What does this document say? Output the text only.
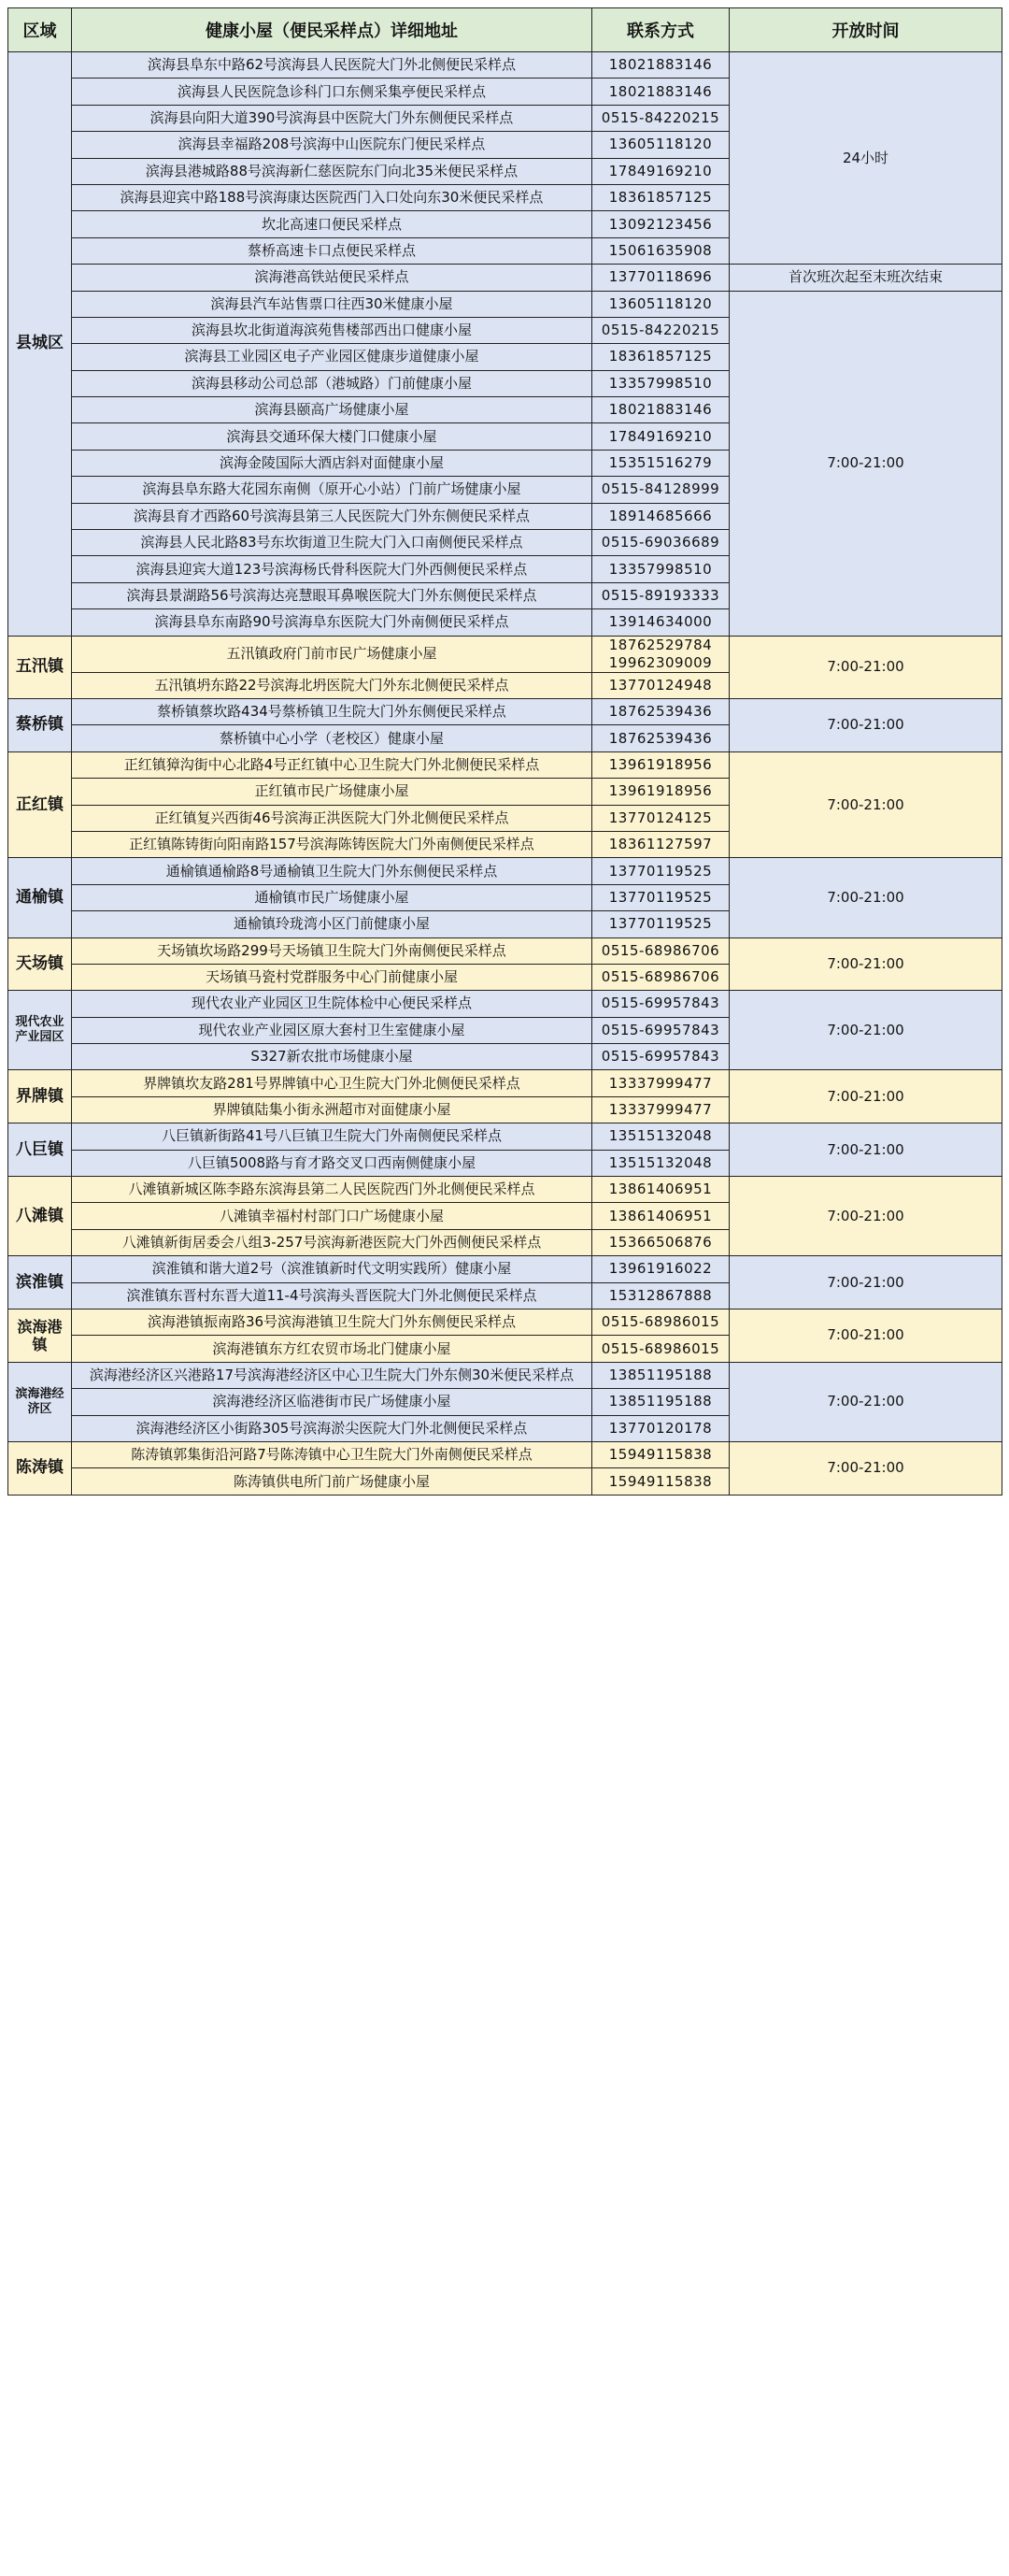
区域	健康小屋（便民采样点）详细地址	联系方式	开放时间
县城区	滨海县阜东中路62号滨海县人民医院大门外北侧便民采样点	18021883146	24小时
	滨海县人民医院急诊科门口东侧采集亭便民采样点	18021883146	
	滨海县向阳大道390号滨海县中医院大门外东侧便民采样点	0515-84220215	
	滨海县幸福路208号滨海中山医院东门便民采样点	13605118120	
	滨海县港城路88号滨海新仁慈医院东门向北35米便民采样点	17849169210	
	滨海县迎宾中路188号滨海康达医院西门入口处向东30米便民采样点	18361857125	
	坎北高速口便民采样点	13092123456	
	蔡桥高速卡口点便民采样点	15061635908	
	滨海港高铁站便民采样点	13770118696	首次班次起至末班次结束
	滨海县汽车站售票口往西30米健康小屋	13605118120	7:00-21:00
	滨海县坎北街道海滨苑售楼部西出口健康小屋	0515-84220215	
	滨海县工业园区电子产业园区健康步道健康小屋	18361857125	
	滨海县移动公司总部（港城路）门前健康小屋	13357998510	
	滨海县颐高广场健康小屋	18021883146	
	滨海县交通环保大楼门口健康小屋	17849169210	
	滨海金陵国际大酒店斜对面健康小屋	15351516279	
	滨海县阜东路大花园东南侧（原开心小站）门前广场健康小屋	0515-84128999	
	滨海县育才西路60号滨海县第三人民医院大门外东侧便民采样点	18914685666	
	滨海县人民北路83号东坎街道卫生院大门入口南侧便民采样点	0515-69036689	
	滨海县迎宾大道123号滨海杨氏骨科医院大门外西侧便民采样点	13357998510	
	滨海县景湖路56号滨海达亮慧眼耳鼻喉医院大门外东侧便民采样点	0515-89193333	
	滨海县阜东南路90号滨海阜东医院大门外南侧便民采样点	13914634000	
五汛镇	五汛镇政府门前市民广场健康小屋	18762529784 19962309009	7:00-21:00
	五汛镇坍东路22号滨海北坍医院大门外东北侧便民采样点	13770124948	
蔡桥镇	蔡桥镇蔡坎路434号蔡桥镇卫生院大门外东侧便民采样点	18762539436	7:00-21:00
	蔡桥镇中心小学（老校区）健康小屋	18762539436	
正红镇	正红镇獐沟街中心北路4号正红镇中心卫生院大门外北侧便民采样点	13961918956	7:00-21:00
	正红镇市民广场健康小屋	13961918956	
	正红镇复兴西街46号滨海正洪医院大门外北侧便民采样点	13770124125	
	正红镇陈铸街向阳南路157号滨海陈铸医院大门外南侧便民采样点	18361127597	
通榆镇	通榆镇通榆路8号通榆镇卫生院大门外东侧便民采样点	13770119525	7:00-21:00
	通榆镇市民广场健康小屋	13770119525	
	通榆镇玲珑湾小区门前健康小屋	13770119525	
天场镇	天场镇坎场路299号天场镇卫生院大门外南侧便民采样点	0515-68986706	7:00-21:00
	天场镇马瓷村党群服务中心门前健康小屋	0515-68986706	
现代农业产业园区	现代农业产业园区卫生院体检中心便民采样点	0515-69957843	7:00-21:00
	现代农业产业园区原大套村卫生室健康小屋	0515-69957843	
	S327新农批市场健康小屋	0515-69957843	
界牌镇	界牌镇坎友路281号界牌镇中心卫生院大门外北侧便民采样点	13337999477	7:00-21:00
	界牌镇陆集小街永洲超市对面健康小屋	13337999477	
八巨镇	八巨镇新街路41号八巨镇卫生院大门外南侧便民采样点	13515132048	7:00-21:00
	八巨镇5008路与育才路交叉口西南侧健康小屋	13515132048	
八滩镇	八滩镇新城区陈李路东滨海县第二人民医院西门外北侧便民采样点	13861406951	7:00-21:00
	八滩镇幸福村村部门口广场健康小屋	13861406951	
	八滩镇新街居委会八组3-257号滨海新港医院大门外西侧便民采样点	15366506876	
滨淮镇	滨淮镇和谐大道2号（滨淮镇新时代文明实践所）健康小屋	13961916022	7:00-21:00
	滨淮镇东晋村东晋大道11-4号滨海头晋医院大门外北侧便民采样点	15312867888	
滨海港镇	滨海港镇振南路36号滨海港镇卫生院大门外东侧便民采样点	0515-68986015	7:00-21:00
	滨海港镇东方红农贸市场北门健康小屋	0515-68986015	
滨海港经济区	滨海港经济区兴港路17号滨海港经济区中心卫生院大门外东侧30米便民采样点	13851195188	7:00-21:00
	滨海港经济区临港街市民广场健康小屋	13851195188	
	滨海港经济区小街路305号滨海淤尖医院大门外北侧便民采样点	13770120178	
陈涛镇	陈涛镇郭集街沿河路7号陈涛镇中心卫生院大门外南侧便民采样点	15949115838	7:00-21:00
	陈涛镇供电所门前广场健康小屋	15949115838	
